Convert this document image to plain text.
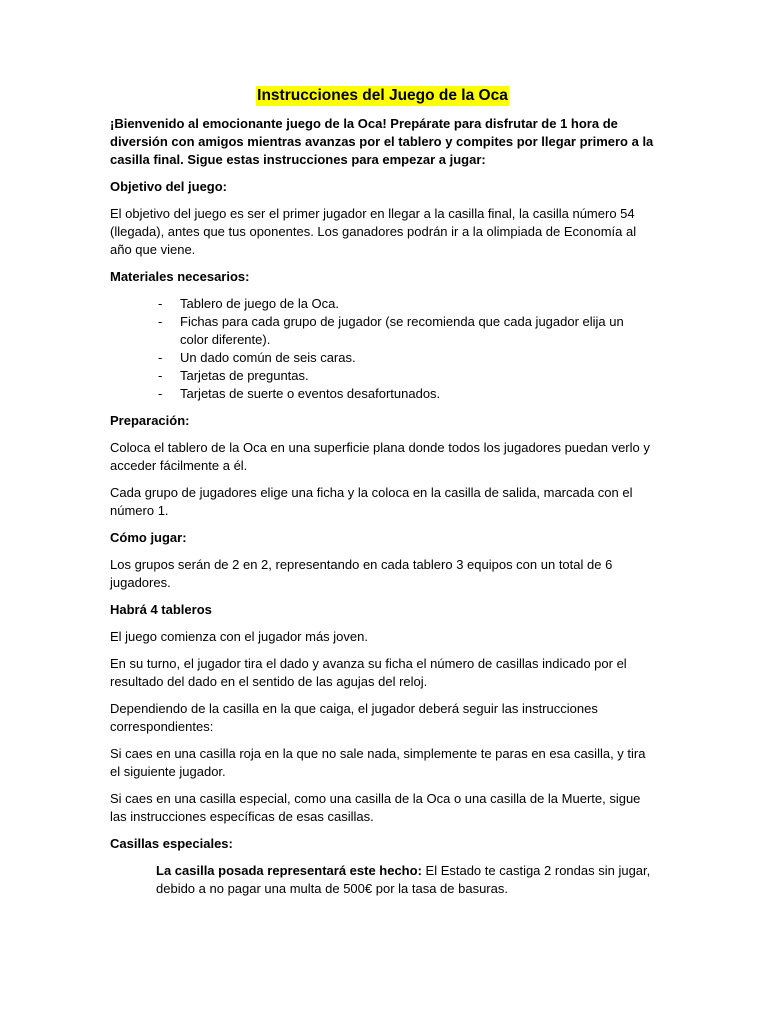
Instrucciones del Juego de la Oca

¡Bienvenido al emocionante juego de la Oca! Prepárate para disfrutar de 1 hora de diversión con amigos mientras avanzas por el tablero y compites por llegar primero a la casilla final. Sigue estas instrucciones para empezar a jugar:

Objetivo del juego:

El objetivo del juego es ser el primer jugador en llegar a la casilla final, la casilla número 54 (llegada), antes que tus oponentes. Los ganadores podrán ir a la olimpiada de Economía al año que viene.

Materiales necesarios:

- Tablero de juego de la Oca.
- Fichas para cada grupo de jugador (se recomienda que cada jugador elija un color diferente).
- Un dado común de seis caras.
- Tarjetas de preguntas.
- Tarjetas de suerte o eventos desafortunados.

Preparación:

Coloca el tablero de la Oca en una superficie plana donde todos los jugadores puedan verlo y acceder fácilmente a él.

Cada grupo de jugadores elige una ficha y la coloca en la casilla de salida, marcada con el número 1.

Cómo jugar:

Los grupos serán de 2 en 2, representando en cada tablero 3 equipos con un total de 6 jugadores.

Habrá 4 tableros

El juego comienza con el jugador más joven.

En su turno, el jugador tira el dado y avanza su ficha el número de casillas indicado por el resultado del dado en el sentido de las agujas del reloj.

Dependiendo de la casilla en la que caiga, el jugador deberá seguir las instrucciones correspondientes:

Si caes en una casilla roja en la que no sale nada, simplemente te paras en esa casilla, y tira el siguiente jugador.

Si caes en una casilla especial, como una casilla de la Oca o una casilla de la Muerte, sigue las instrucciones específicas de esas casillas.

Casillas especiales:

La casilla posada representará este hecho: El Estado te castiga 2 rondas sin jugar, debido a no pagar una multa de 500€ por la tasa de basuras.
